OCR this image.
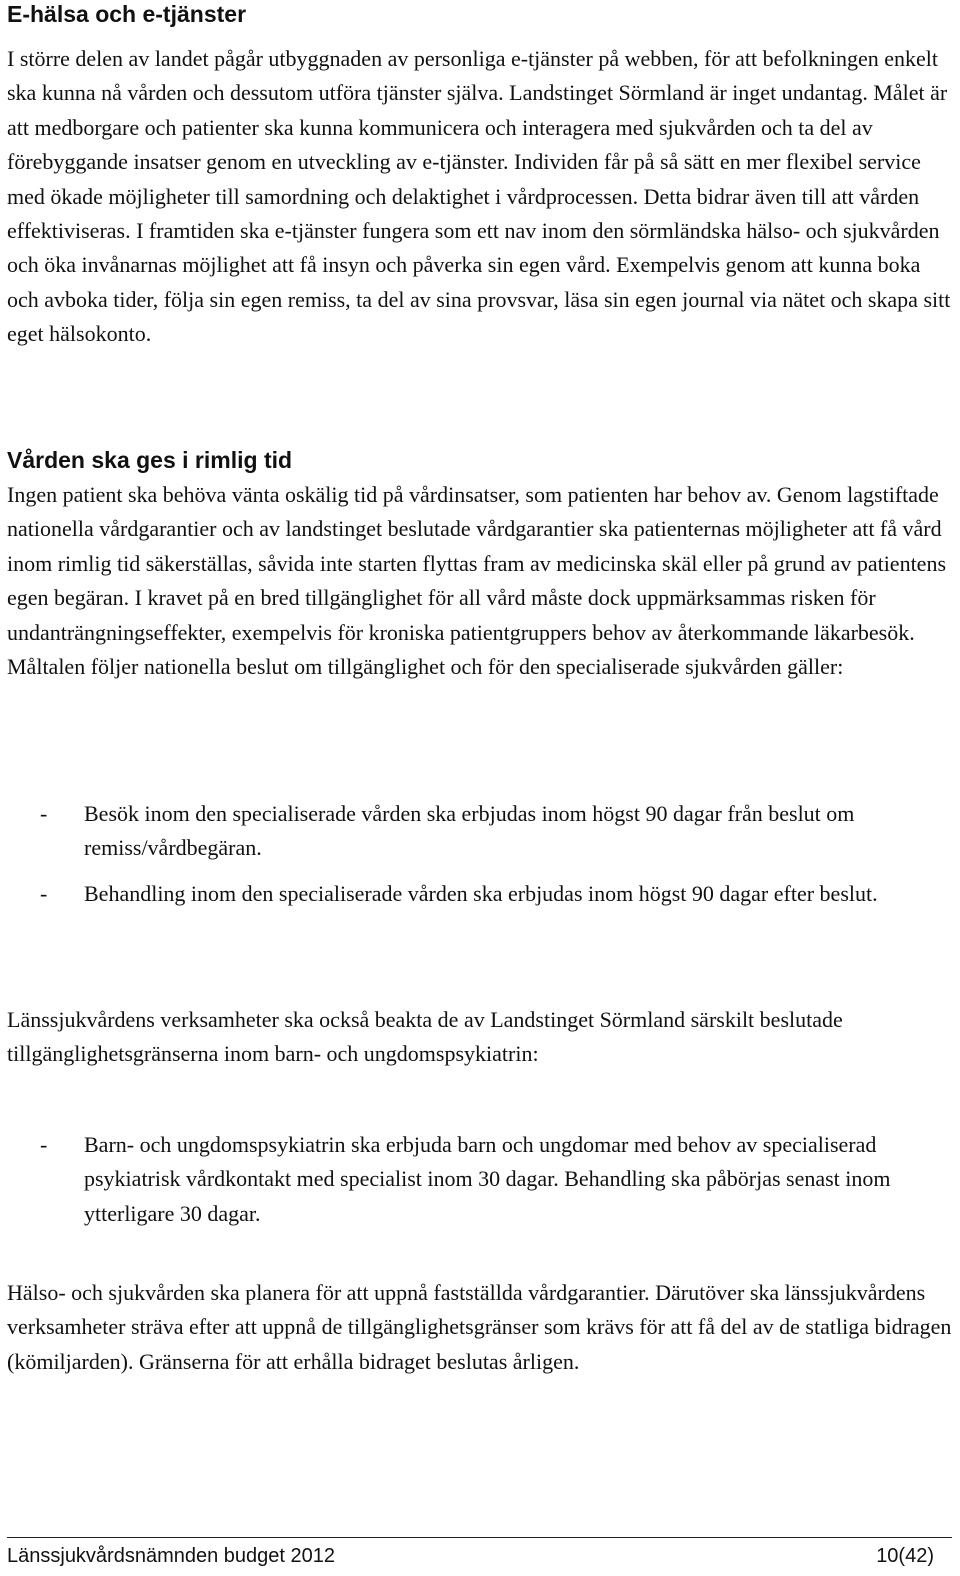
E-hälsa och e-tjänster

I större delen av landet pågår utbyggnaden av personliga e-tjänster på webben, för att befolkningen enkelt ska kunna nå vården och dessutom utföra tjänster själva. Landstinget Sörmland är inget undantag. Målet är att medborgare och patienter ska kunna kommunicera och interagera med sjukvården och ta del av förebyggande insatser genom en utveckling av e-tjänster. Individen får på så sätt en mer flexibel service med ökade möjligheter till samordning och delaktighet i vårdprocessen. Detta bidrar även till att vården effektiviseras. I framtiden ska e-tjänster fungera som ett nav inom den sörmländska hälso- och sjukvården och öka invånarnas möjlighet att få insyn och påverka sin egen vård. Exempelvis genom att kunna boka och avboka tider, följa sin egen remiss, ta del av sina provsvar, läsa sin egen journal via nätet och skapa sitt eget hälsokonto.

Vården ska ges i rimlig tid

Ingen patient ska behöva vänta oskälig tid på vårdinsatser, som patienten har behov av. Genom lagstiftade nationella vårdgarantier och av landstinget beslutade vårdgarantier ska patienternas möjligheter att få vård inom rimlig tid säkerställas, såvida inte starten flyttas fram av medicinska skäl eller på grund av patientens egen begäran. I kravet på en bred tillgänglighet för all vård måste dock uppmärksammas risken för undanträngningseffekter, exempelvis för kroniska patientgruppers behov av återkommande läkarbesök. Måltalen följer nationella beslut om tillgänglighet och för den specialiserade sjukvården gäller:

- Besök inom den specialiserade vården ska erbjudas inom högst 90 dagar från beslut om remiss/vårdbegäran.
- Behandling inom den specialiserade vården ska erbjudas inom högst 90 dagar efter beslut.

Länssjukvårdens verksamheter ska också beakta de av Landstinget Sörmland särskilt beslutade tillgänglighetsgränserna inom barn- och ungdomspsykiatrin:

- Barn- och ungdomspsykiatrin ska erbjuda barn och ungdomar med behov av specialiserad psykiatrisk vårdkontakt med specialist inom 30 dagar. Behandling ska påbörjas senast inom ytterligare 30 dagar.

Hälso- och sjukvården ska planera för att uppnå fastställda vårdgarantier. Därutöver ska länssjukvårdens verksamheter sträva efter att uppnå de tillgänglighetsgränser som krävs för att få del av de statliga bidragen (kömiljarden). Gränserna för att erhålla bidraget beslutas årligen.

Länssjukvårdsnämnden budget 2012	10(42)
